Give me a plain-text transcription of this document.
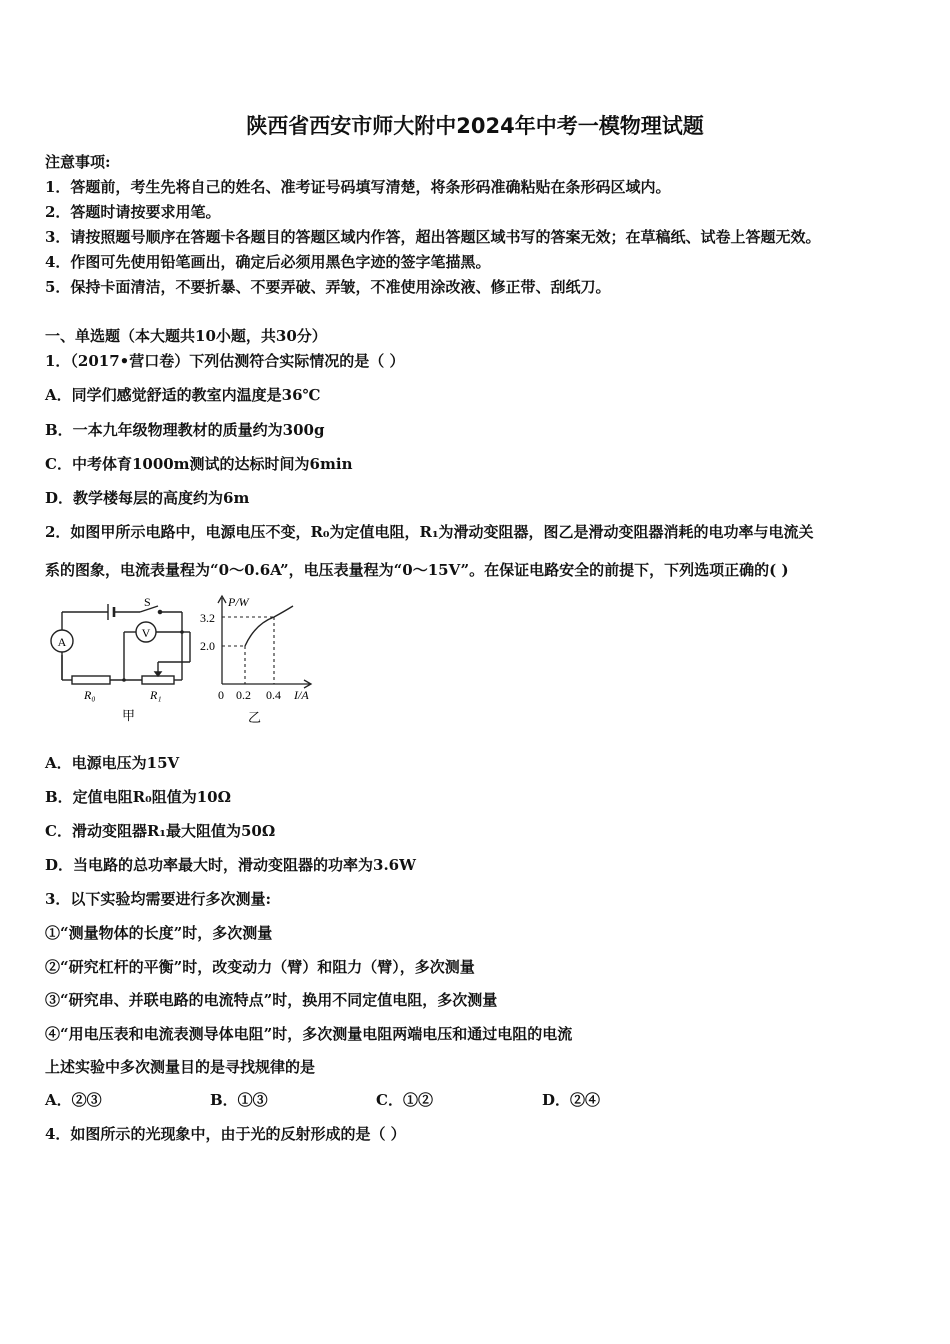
陕西省西安市师大附中2024年中考一模物理试题
注意事项:
1．答题前，考生先将自己的姓名、准考证号码填写清楚，将条形码准确粘贴在条形码区域内。
2．答题时请按要求用笔。
3．请按照题号顺序在答题卡各题目的答题区域内作答，超出答题区域书写的答案无效；在草稿纸、试卷上答题无效。
4．作图可先使用铅笔画出，确定后必须用黑色字迹的签字笔描黑。
5．保持卡面清洁，不要折暴、不要弄破、弄皱，不准使用涂改液、修正带、刮纸刀。
一、单选题（本大题共10小题，共30分）
1．（2017•营口卷）下列估测符合实际情况的是（ ）
A．同学们感觉舒适的教室内温度是36℃
B．一本九年级物理教材的质量约为300g
C．中考体育1000m测试的达标时间为6min
D．教学楼每层的高度约为6m
2．如图甲所示电路中，电源电压不变，R₀为定值电阻，R₁为滑动变阻器，图乙是滑动变阻器消耗的电功率与电流关
系的图象，电流表量程为“0～0.6A”，电压表量程为“0～15V”。在保证电路安全的前提下，下列选项正确的( )
A
V
S
R₀	R₁
甲
P/W
3.2
2.0
0 0.2 0.4 I/A
乙
A．电源电压为15V
B．定值电阻R₀阻值为10Ω
C．滑动变阻器R₁最大阻值为50Ω
D．当电路的总功率最大时，滑动变阻器的功率为3.6W
3．以下实验均需要进行多次测量:
①“测量物体的长度”时，多次测量
②“研究杠杆的平衡”时，改变动力（臂）和阻力（臂），多次测量
③“研究串、并联电路的电流特点”时，换用不同定值电阻，多次测量
④“用电压表和电流表测导体电阻”时，多次测量电阻两端电压和通过电阻的电流
上述实验中多次测量目的是寻找规律的是
A．②③	B．①③	C．①②	D．②④
4．如图所示的光现象中，由于光的反射形成的是（ ）
